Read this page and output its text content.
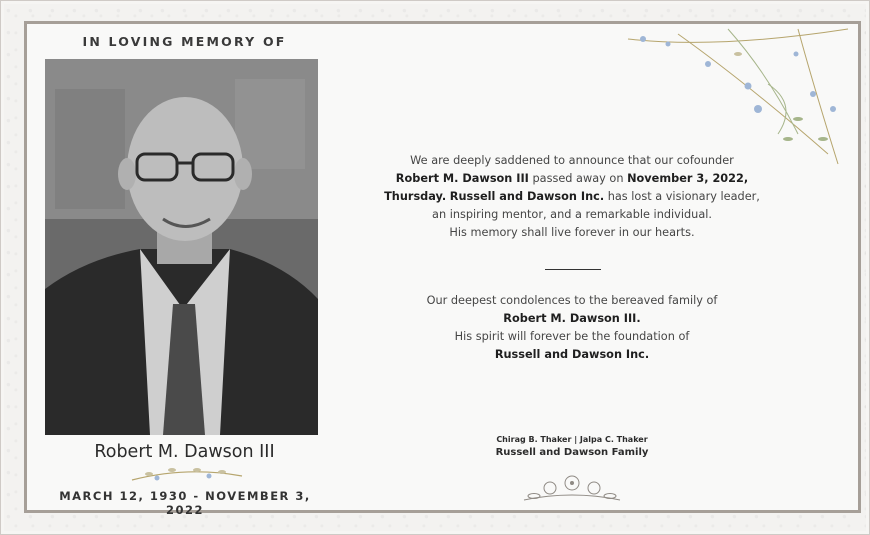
IN LOVING MEMORY OF
Robert M. Dawson III
MARCH 12, 1930 - NOVEMBER 3, 2022
We are deeply saddened to announce that our cofounder
Robert M. Dawson III passed away on November 3, 2022,
Thursday. Russell and Dawson Inc. has lost a visionary leader,
an inspiring mentor, and a remarkable individual.
His memory shall live forever in our hearts.
Our deepest condolences to the bereaved family of
Robert M. Dawson III.
His spirit will forever be the foundation of
Russell and Dawson Inc.
Chirag B. Thaker | Jalpa C. Thaker
Russell and Dawson Family
